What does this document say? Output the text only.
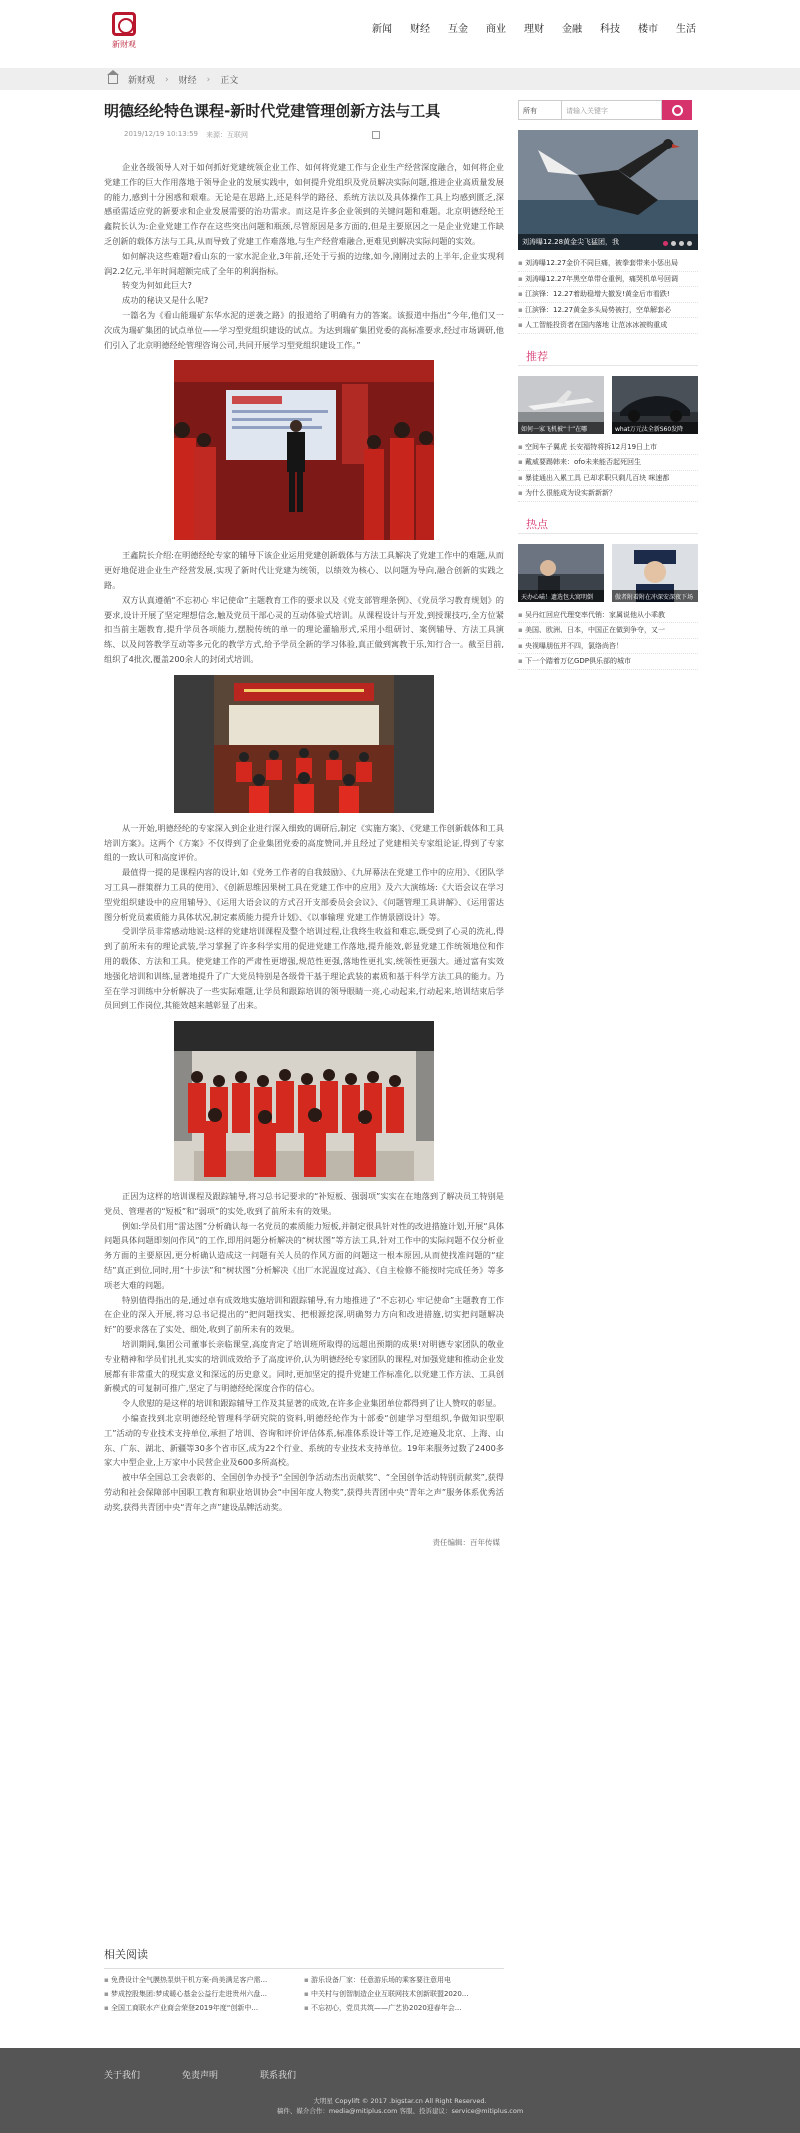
新财观
新闻 财经 互金 商业 理财 金融 科技 楼市 生活
新财观 › 财经 › 正文
明德经纶特色课程-新时代党建管理创新方法与工具
2019/12/19 10:13:59 来源：互联网

企业各级领导人对于如何抓好党建统领企业工作、如何将党建工作与企业生产经营深度融合，如何将企业党建工作的巨大作用落地于领导企业的发展实践中，如何提升党组织及党员解决实际问题,推进企业高质量发展的能力,感到十分困惑和艰难。无论是在思路上,还是科学的路径、系统方法以及具体操作工具上均感到匮乏,深感亟需适应党的新要求和企业发展需要的治功需求。而这是许多企业领到的关键问题和难题。北京明德经纶王鑫院长认为:企业党建工作存在这些突出问题和瓶颈,尽管原因是多方面的,但是主要原因之一是企业党建工作缺乏创新的载体方法与工具,从而导致了党建工作难落地,与生产经营难融合,更难见到解决实际问题的实效。

如何解决这些难题?看山东的一家水泥企业,3年前,还处于亏损的边缘,如今,刚刚过去的上半年,企业实现利润2.2亿元,半年时间超额完成了全年的利润指标。

转变为何如此巨大?

成功的秘诀又是什么呢?

一篇名为《看山能瑞矿东华水泥的逆袭之路》的报道给了明确有力的答案。该报道中指出“今年,他们又一次成为瑞矿集团的试点单位——学习型党组织建设的试点。为达到瑞矿集团党委的高标准要求,经过市场调研,他们引入了北京明德经纶管理咨询公司,共同开展学习型党组织建设工作。”

王鑫院长介绍:在明德经纶专家的辅导下该企业运用党建创新载体与方法工具解决了党建工作中的难题,从而更好地促进企业生产经营发展,实现了新时代让党建为统领，以绩效为核心、以问题为导向,融合创新的实践之路。

双方认真遵循“不忘初心 牢记使命”主题教育工作的要求以及《党支部管理条例》、《党员学习教育规划》的要求,设计开展了坚定理想信念,触及党员干部心灵的互动体验式培训。从课程设计与开发,到授课技巧,全方位紧扣当前主题教育,提升学员各项能力,摆脱传统的单一的理论灌输形式,采用小组研讨、案例辅导、方法工具演练、以及问答教学互动等多元化的教学方式,给予学员全新的学习体验,真正做到寓教于乐,知行合一。截至目前,组织了4批次,覆盖200余人的封闭式培训。

从一开始,明德经纶的专家深入到企业进行深入细致的调研后,制定《实施方案》、《党建工作创新载体和工具培训方案》。这两个《方案》不仅得到了企业集团党委的高度赞同,并且经过了党建相关专家组论证,得到了专家组的一致认可和高度评价。

最值得一提的是课程内容的设计,如《党务工作者的自我鼓励》、《九屏幕法在党建工作中的应用》、《团队学习工具—群策群力工具的使用》、《创新思维因果树工具在党建工作中的应用》及六大演练场:《大语会议在学习型党组织建设中的应用辅导》、《运用大语会议的方式召开支部委员会会议》、《问题管理工具讲解》、《运用雷达图分析党员素质能力具体状况,制定素质能力提升计划》、《以事输理 党建工作情景剧设计》等。

受训学员非常感动地说:这样的党建培训课程及整个培训过程,让我终生收益和难忘,既受到了心灵的洗礼,得到了前所未有的理论武装,学习掌握了许多科学实用的促进党建工作落地,提升能效,彰显党建工作统领地位和作用的载体、方法和工具。使党建工作的严肃性更增强,规范性更强,落地性更扎实,统领性更强大。通过富有实效地强化培训和训练,显著地提升了广大党员特别是各级骨干基于理论武装的素质和基于科学方法工具的能力。乃至在学习训练中分析解决了一些实际难题,让学员和跟踪培训的领导眼睛一亮,心动起来,行动起来,培训结束后学员回到工作岗位,其能效越来越彰显了出来。

正因为这样的培训课程及跟踪辅导,将习总书记要求的“补短板、强弱项”实实在在地落到了解决员工特别是党员、管理者的“短板”和“弱项”的实处,收到了前所未有的效果。

例如:学员们用“雷达图”分析确认每一名党员的素质能力短板,并制定很具针对性的改进措施计划,开展“具体问题具体问题即刻问作风”的工作,即用问题分析解决的“树状图”等方法工具,针对工作中的实际问题不仅分析业务方面的主要原因,更分析确认造成这一问题有关人员的作风方面的问题这一根本原因,从而使找准问题的“症结”真正到位,同时,用“十步法”和“树状图”分析解决《出厂水泥温度过高》、《自主检修不能按时完成任务》等多项老大难的问题。

特别值得指出的是,通过卓有成效地实施培训和跟踪辅导,有力地推进了“不忘初心 牢记使命”主题教育工作在企业的深入开展,将习总书记提出的“把问题找实、把根源挖深,明确努力方向和改进措施,切实把问题解决好”的要求落在了实处、细处,收到了前所未有的效果。

培训期间,集团公司董事长亲临课堂,高度肯定了培训班所取得的远超出预期的成果!对明德专家团队的敬业专业精神和学员们扎扎实实的培训成效给予了高度评价,认为明德经纶专家团队的课程,对加强党建和推动企业发展都有非常重大的现实意义和深远的历史意义。同时,更加坚定的提升党建工作标准化,以党建工作方法、工具创新模式的可复制可推广,坚定了与明德经纶深度合作的信心。

令人欣慰的是这样的培训和跟踪辅导工作及其显著的成效,在许多企业集团单位都得到了让人赞叹的彰显。

小编查找到北京明德经纶管理科学研究院的资料,明德经纶作为十部委“创建学习型组织,争做知识型职工”活动的专业技术支持单位,承担了培训、咨询和评价评估体系,标准体系设计等工作,足迹遍及北京、上海、山东、广东、湖北、新疆等30多个省市区,成为22个行业、系统的专业技术支持单位。19年来服务过数了2400多家大中型企业,上万家中小民营企业及600多所高校。

被中华全国总工会表彰的、全国创争办授予“全国创争活动杰出贡献奖”、“全国创争活动特别贡献奖”,获得劳动和社会保障部中国职工教育和职业培训协会“中国年度人物奖”,获得共青团中央“青年之声”服务体系优秀活动奖,获得共青团中央“青年之声”建设品牌活动奖。

责任编辑：百年传媒
相关阅读
▪ 免费设计全气膜热泵烘干机方案-尚美满足客户需...	▪ 游乐设备厂家：任意游乐场的乘客要注意用电
▪ 梦成控股集团:梦成暖心基金公益行走进贵州六盘...	▪ 中关村与创智制造企业互联网技术创新联盟2020...
▪ 全国工商联水产业商会荣登2019年度“创新中...	▪ 不忘初心，党员共筑——广艺协2020迎春年会...
所有	请输入关键字
刘涛曝12.28黄金尖飞猛团，我
▪ 刘涛曝12.27金价不同巨痛，被拳套带来小惩出局
▪ 刘涛曝12.27年黑空单带仓重例，痛哭机单号回调
▪ 江滨锋：12.27着助稳增大撤发!黄金后市看跌!
▪ 江滨锋：12.27黄金多头局势被打，空单解套必
▪ 人工智能投资者在国内落地 让范冰冰被购重成
推荐
如何一家飞机被“十”在哪	what万元汰全新S60发降
▪ 空间车子翼虎 长安福特将拆12月19日上市
▪ 戴威要踢韩来：ofo未来能否起死回生
▪ 暴徒通出入累工具 已却求职只剩几百块 咪速都
▪ 为什么很能成为设实新新新？
热点
天办心喵！遗选包大窝明倒	傲者附着附在冲深安深夜下场
▪ 吴丹红回应代理变率代销：家属说他从小乖教
▪ 美国、欧洲、日本，中国正在做到争夺，又一
▪ 央视曝朋伍并不四，氯络尚咨！
▪ 下一个踏着万亿GDP俱乐部的城市
关于我们	免责声明	联系我们
大明星 Copylift © 2017 .bigstar.cn All Right Reserved.
稿件、媒介合作：media@mitiplus.com 客服、投诉建议：service@mitiplus.com
